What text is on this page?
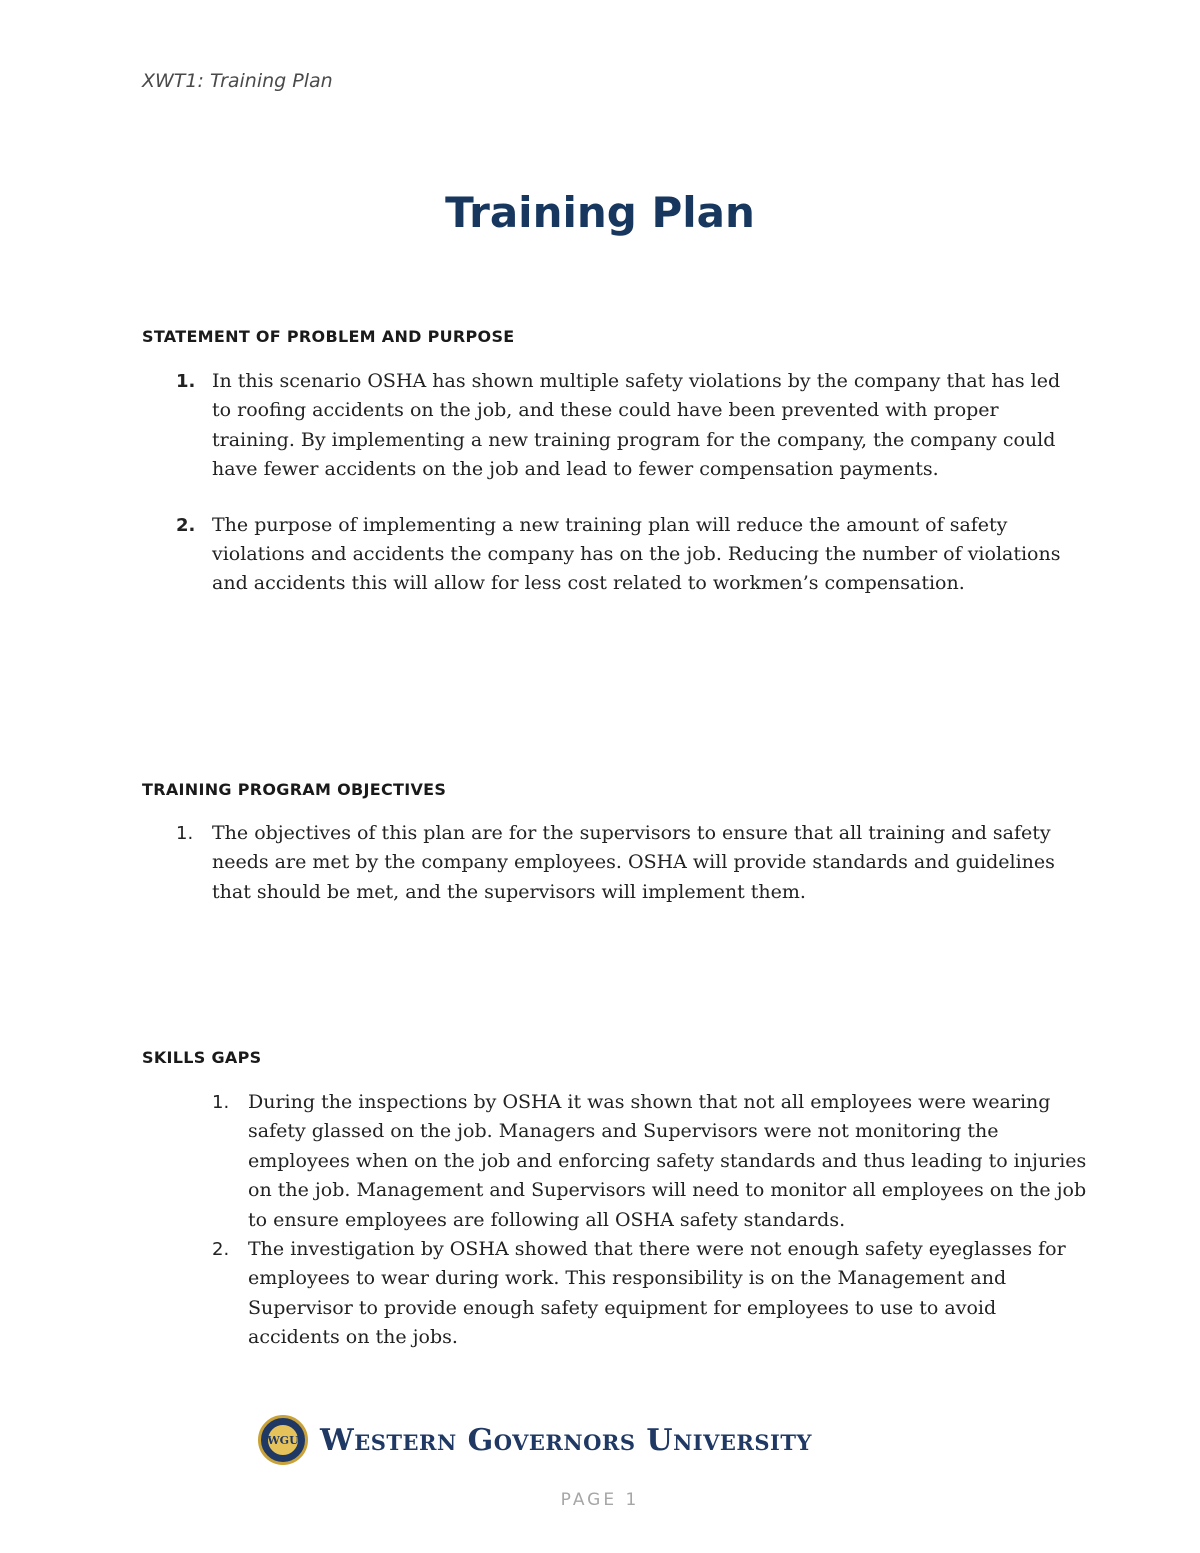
XWT1: Training Plan
Training Plan
STATEMENT OF PROBLEM AND PURPOSE
1. In this scenario OSHA has shown multiple safety violations by the company that has led to roofing accidents on the job, and these could have been prevented with proper training. By implementing a new training program for the company, the company could have fewer accidents on the job and lead to fewer compensation payments.
2. The purpose of implementing a new training plan will reduce the amount of safety violations and accidents the company has on the job. Reducing the number of violations and accidents this will allow for less cost related to workmen’s compensation.
TRAINING PROGRAM OBJECTIVES
1. The objectives of this plan are for the supervisors to ensure that all training and safety needs are met by the company employees. OSHA will provide standards and guidelines that should be met, and the supervisors will implement them.
SKILLS GAPS
1. During the inspections by OSHA it was shown that not all employees were wearing safety glassed on the job. Managers and Supervisors were not monitoring the employees when on the job and enforcing safety standards and thus leading to injuries on the job. Management and Supervisors will need to monitor all employees on the job to ensure employees are following all OSHA safety standards.
2. The investigation by OSHA showed that there were not enough safety eyeglasses for employees to wear during work. This responsibility is on the Management and Supervisor to provide enough safety equipment for employees to use to avoid accidents on the jobs.
WGU Western Governors University
PAGE 1
